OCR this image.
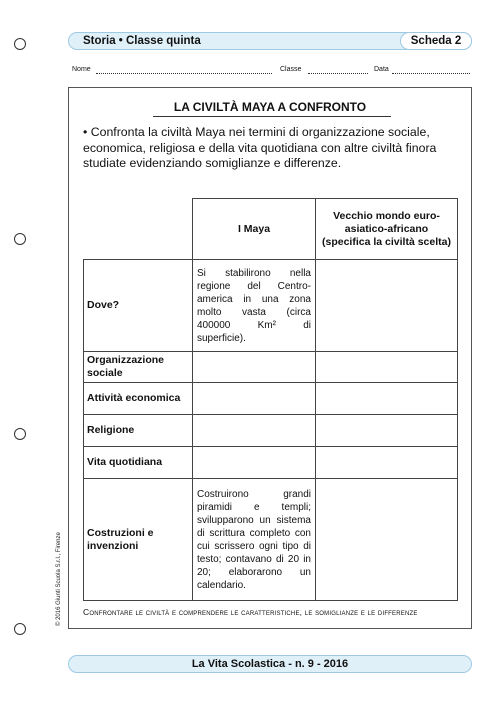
Storia • Classe quinta	Scheda 2
Nome	Classe	Data
LA CIVILTÀ MAYA A CONFRONTO
• Confronta la civiltà Maya nei termini di organizzazione sociale, economica, religiosa e della vita quotidiana con altre civiltà finora studiate evidenziando somiglianze e differenze.
	I Maya	Vecchio mondo euro-asiatico-africano (specifica la civiltà scelta)
Dove?	Si stabilirono nella regione del Centro-america in una zona molto vasta (circa 400000 Km² di superficie).	

Organizzazione sociale		
Attività economica		
Religione		
Vita quotidiana		
Costruzioni e invenzioni	Costruirono grandi piramidi e templi; svilupparono un sistema di scrittura completo con cui scrissero ogni tipo di testo; contavano di 20 in 20; elaborarono un calendario.	

Confrontare le civiltà e comprendere le caratteristiche, le somiglianze e le differenze
© 2016 Giunti Scuola S.r.l., Firenze
La Vita Scolastica - n. 9 - 2016
